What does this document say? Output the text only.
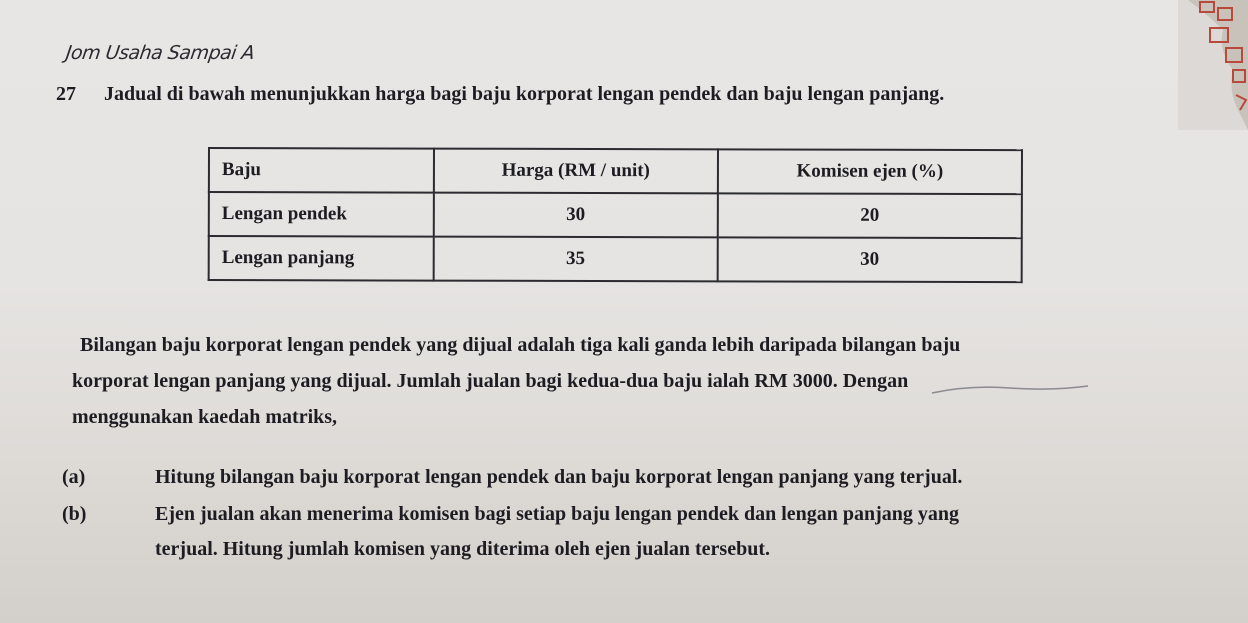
Jom Usaha Sampai A
27 Jadual di bawah menunjukkan harga bagi baju korporat lengan pendek dan baju lengan panjang.
Baju	Harga (RM / unit)	Komisen ejen (%)
Lengan pendek	30	20
Lengan panjang	35	30
Bilangan baju korporat lengan pendek yang dijual adalah tiga kali ganda lebih daripada bilangan baju
korporat lengan panjang yang dijual. Jumlah jualan bagi kedua-dua baju ialah RM 3000. Dengan
menggunakan kaedah matriks,
(a)	Hitung bilangan baju korporat lengan pendek dan baju korporat lengan panjang yang terjual.
(b)	Ejen jualan akan menerima komisen bagi setiap baju lengan pendek dan lengan panjang yang
terjual. Hitung jumlah komisen yang diterima oleh ejen jualan tersebut.
